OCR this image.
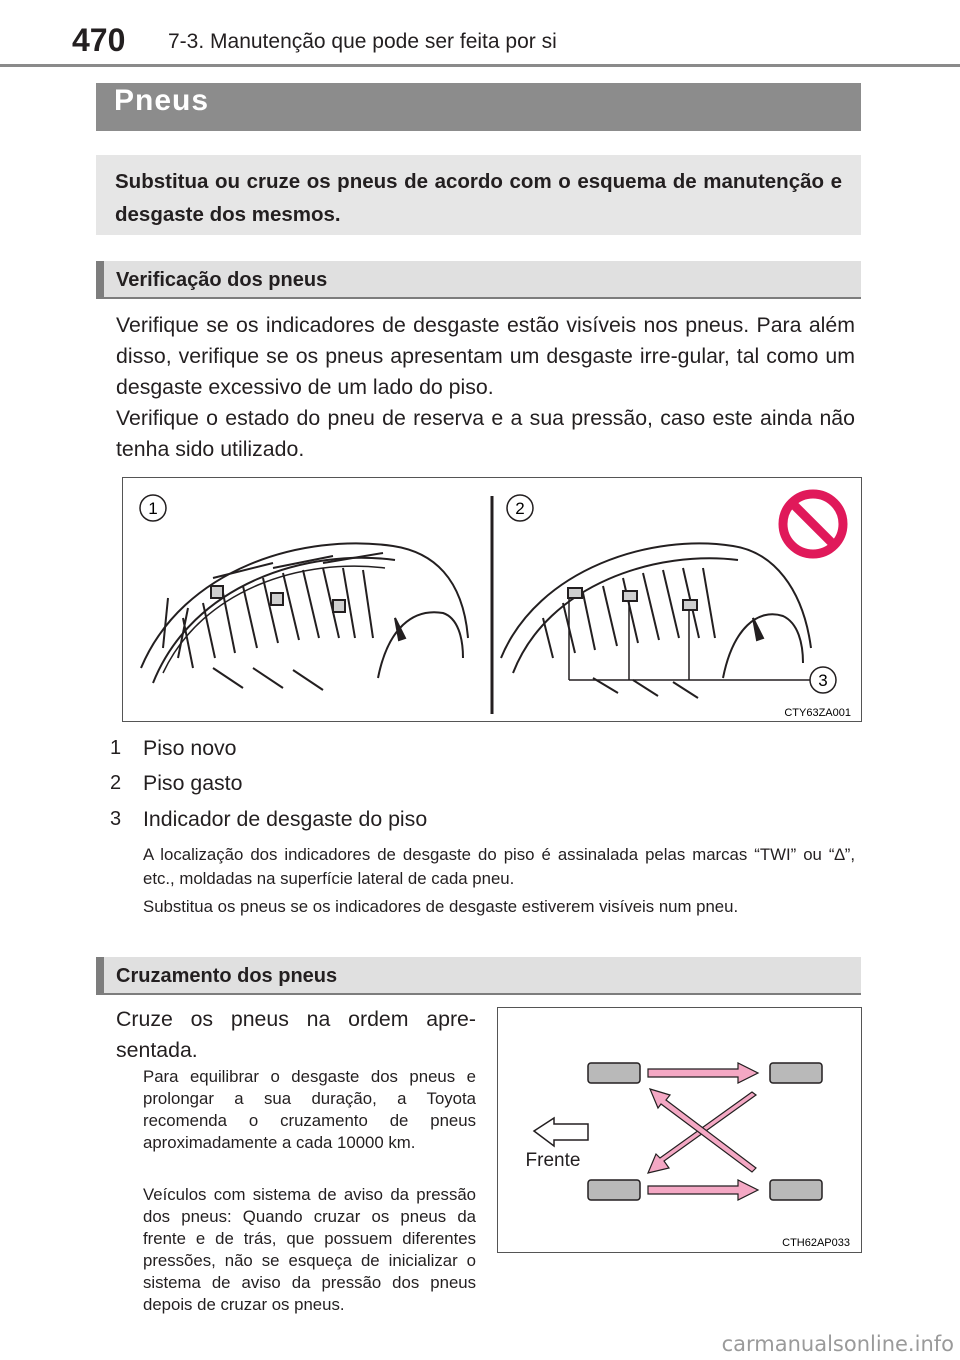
470 7-3. Manutenção que pode ser feita por si
Pneus
Substitua ou cruze os pneus de acordo com o esquema de manutenção e desgaste dos mesmos.
Verificação dos pneus
Verifique se os indicadores de desgaste estão visíveis nos pneus. Para além disso, verifique se os pneus apresentam um desgaste irre-gular, tal como um desgaste excessivo de um lado do piso.
Verifique o estado do pneu de reserva e a sua pressão, caso este ainda não tenha sido utilizado.
1	2
3
CTY63ZA001
1 Piso novo
2 Piso gasto
3 Indicador de desgaste do piso
A localização dos indicadores de desgaste do piso é assinalada pelas marcas “TWI” ou “∆”, etc., moldadas na superfície lateral de cada pneu.
Substitua os pneus se os indicadores de desgaste estiverem visíveis num pneu.
Cruzamento dos pneus
Cruze os pneus na ordem apre-sentada.
Para equilibrar o desgaste dos pneus e prolongar a sua duração, a Toyota recomenda o cruzamento de pneus aproximadamente a cada 10000 km.
Veículos com sistema de aviso da pressão dos pneus: Quando cruzar os pneus da frente e de trás, que possuem diferentes pressões, não se esqueça de inicializar o sistema de aviso da pressão dos pneus depois de cruzar os pneus.
Frente
CTH62AP033
carmanualsonline.info
